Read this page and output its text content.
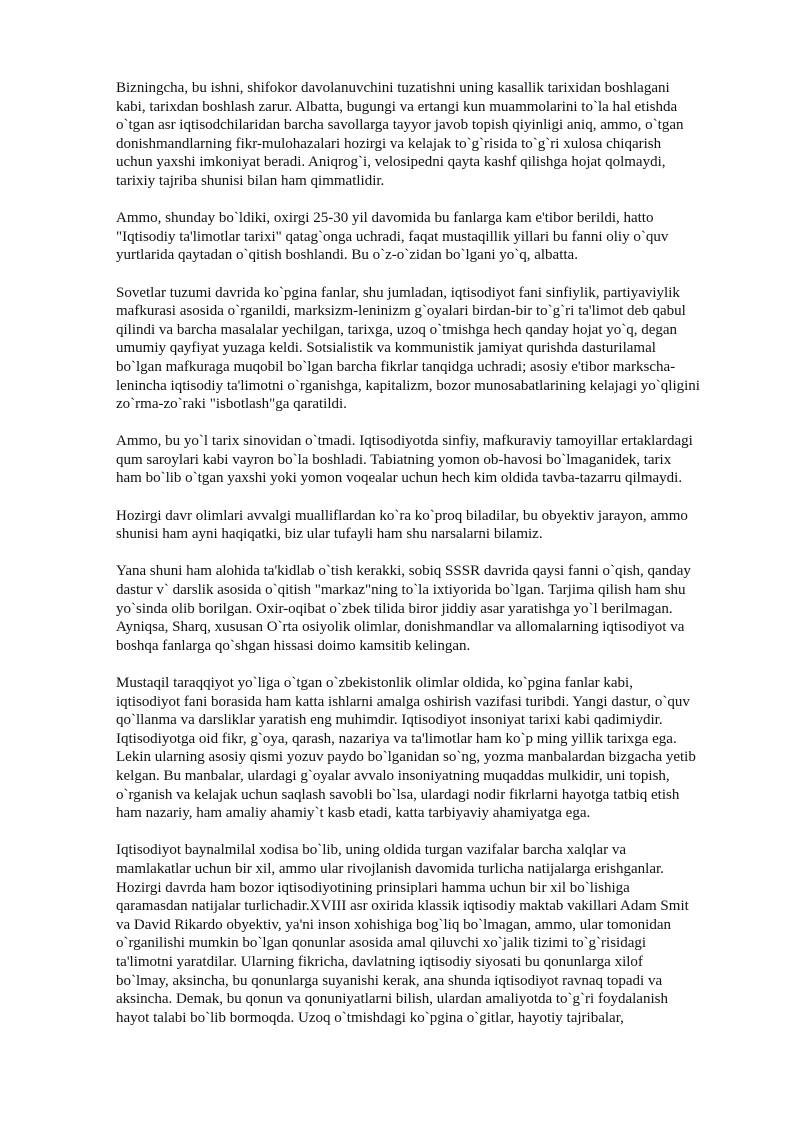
Bizningcha, bu ishni, shifokor davolanuvchini tuzatishni uning kasallik tarixidan boshlagani
kabi, tarixdan boshlash zarur. Albatta, bugungi va ertangi kun muammolarini to`la hal etishda
o`tgan asr iqtisodchilaridan barcha savollarga tayyor javob topish qiyinligi aniq, ammo, o`tgan
donishmandlarning fikr-mulohazalari hozirgi va kelajak to`g`risida to`g`ri xulosa chiqarish
uchun yaxshi imkoniyat beradi. Aniqrog`i, velosipedni qayta kashf qilishga hojat qolmaydi,
tarixiy tajriba shunisi bilan ham qimmatlidir.

Ammo, shunday bo`ldiki, oxirgi 25-30 yil davomida bu fanlarga kam e'tibor berildi, hatto
"Iqtisodiy ta'limotlar tarixi" qatag`onga uchradi, faqat mustaqillik yillari bu fanni oliy o`quv
yurtlarida qaytadan o`qitish boshlandi. Bu o`z-o`zidan bo`lgani yo`q, albatta.

Sovetlar tuzumi davrida ko`pgina fanlar, shu jumladan, iqtisodiyot fani sinfiylik, partiyaviylik
mafkurasi asosida o`rganildi, marksizm-leninizm g`oyalari birdan-bir to`g`ri ta'limot deb qabul
qilindi va barcha masalalar yechilgan, tarixga, uzoq o`tmishga hech qanday hojat yo`q, degan
umumiy qayfiyat yuzaga keldi. Sotsialistik va kommunistik jamiyat qurishda dasturilamal
bo`lgan mafkuraga muqobil bo`lgan barcha fikrlar tanqidga uchradi; asosiy e'tibor markscha-
lenincha iqtisodiy ta'limotni o`rganishga, kapitalizm, bozor munosabatlarining kelajagi yo`qligini
zo`rma-zo`raki "isbotlash"ga qaratildi.

Ammo, bu yo`l tarix sinovidan o`tmadi. Iqtisodiyotda sinfiy, mafkuraviy tamoyillar ertaklardagi
qum saroylari kabi vayron bo`la boshladi. Tabiatning yomon ob-havosi bo`lmaganidek, tarix
ham bo`lib o`tgan yaxshi yoki yomon voqealar uchun hech kim oldida tavba-tazarru qilmaydi.

Hozirgi davr olimlari avvalgi mualliflardan ko`ra ko`proq biladilar, bu obyektiv jarayon, ammo
shunisi ham ayni haqiqatki, biz ular tufayli ham shu narsalarni bilamiz.

Yana shuni ham alohida ta'kidlab o`tish kerakki, sobiq SSSR davrida qaysi fanni o`qish, qanday
dastur v` darslik asosida o`qitish "markaz"ning to`la ixtiyorida bo`lgan. Tarjima qilish ham shu
yo`sinda olib borilgan. Oxir-oqibat o`zbek tilida biror jiddiy asar yaratishga yo`l berilmagan.
Ayniqsa, Sharq, xususan O`rta osiyolik olimlar, donishmandlar va allomalarning iqtisodiyot va
boshqa fanlarga qo`shgan hissasi doimo kamsitib kelingan.

Mustaqil taraqqiyot yo`liga o`tgan o`zbekistonlik olimlar oldida, ko`pgina fanlar kabi,
iqtisodiyot fani borasida ham katta ishlarni amalga oshirish vazifasi turibdi. Yangi dastur, o`quv
qo`llanma va darsliklar yaratish eng muhimdir. Iqtisodiyot insoniyat tarixi kabi qadimiydir.
Iqtisodiyotga oid fikr, g`oya, qarash, nazariya va ta'limotlar ham ko`p ming yillik tarixga ega.
Lekin ularning asosiy qismi yozuv paydo bo`lganidan so`ng, yozma manbalardan bizgacha yetib
kelgan. Bu manbalar, ulardagi g`oyalar avvalo insoniyatning muqaddas mulkidir, uni topish,
o`rganish va kelajak uchun saqlash savobli bo`lsa, ulardagi nodir fikrlarni hayotga tatbiq etish
ham nazariy, ham amaliy ahamiy`t kasb etadi, katta tarbiyaviy ahamiyatga ega.

Iqtisodiyot baynalmilal xodisa bo`lib, uning oldida turgan vazifalar barcha xalqlar va
mamlakatlar uchun bir xil, ammo ular rivojlanish davomida turlicha natijalarga erishganlar.
Hozirgi davrda ham bozor iqtisodiyotining prinsiplari hamma uchun bir xil bo`lishiga
qaramasdan natijalar turlichadir.XVIII asr oxirida klassik iqtisodiy maktab vakillari Adam Smit
va David Rikardo obyektiv, ya'ni inson xohishiga bog`liq bo`lmagan, ammo, ular tomonidan
o`rganilishi mumkin bo`lgan qonunlar asosida amal qiluvchi xo`jalik tizimi to`g`risidagi
ta'limotni yaratdilar. Ularning fikricha, davlatning iqtisodiy siyosati bu qonunlarga xilof
bo`lmay, aksincha, bu qonunlarga suyanishi kerak, ana shunda iqtisodiyot ravnaq topadi va
aksincha. Demak, bu qonun va qonuniyatlarni bilish, ulardan amaliyotda to`g`ri foydalanish
hayot talabi bo`lib bormoqda. Uzoq o`tmishdagi ko`pgina o`gitlar, hayotiy tajribalar,
